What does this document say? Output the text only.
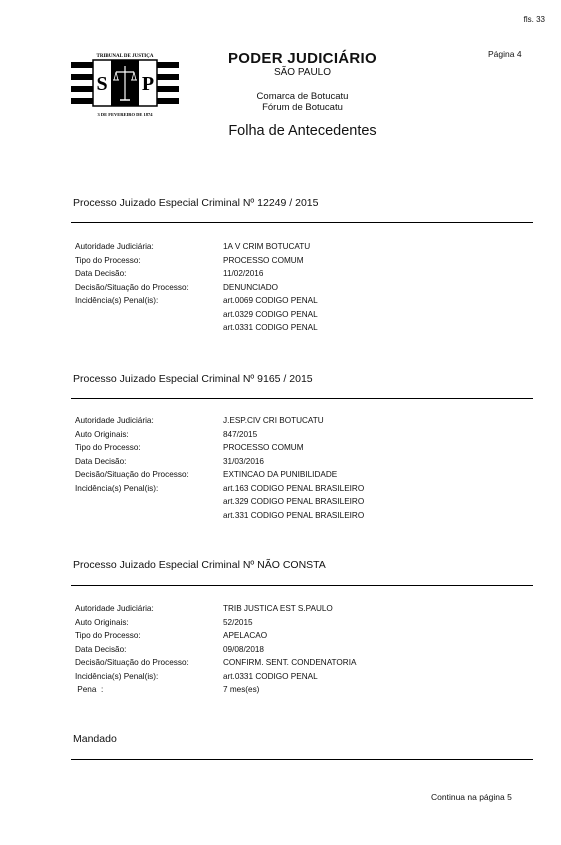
fls. 33
Página 4
S P
TRIBUNAL DE JUSTIÇA
3 DE FEVEREIRO DE 1874
PODER JUDICIÁRIO
SÃO PAULO
Comarca de Botucatu
Fórum de Botucatu
Folha de Antecedentes
Processo Juizado Especial Criminal Nº 12249 / 2015
Autoridade Judiciária:	1A V CRIM BOTUCATU
Tipo do Processo:	PROCESSO COMUM
Data Decisão:	11/02/2016
Decisão/Situação do Processo:	DENUNCIADO
Incidência(s) Penal(is):	art.0069 CODIGO PENAL
art.0329 CODIGO PENAL
art.0331 CODIGO PENAL
Processo Juizado Especial Criminal Nº 9165 / 2015
Autoridade Judiciária:	J.ESP.CIV CRI BOTUCATU
Auto Originais:	847/2015
Tipo do Processo:	PROCESSO COMUM
Data Decisão:	31/03/2016
Decisão/Situação do Processo:	EXTINCAO DA PUNIBILIDADE
Incidência(s) Penal(is):	art.163 CODIGO PENAL BRASILEIRO
art.329 CODIGO PENAL BRASILEIRO
art.331 CODIGO PENAL BRASILEIRO
Processo Juizado Especial Criminal Nº NÃO CONSTA
Autoridade Judiciária:	TRIB JUSTICA EST S.PAULO
Auto Originais:	52/2015
Tipo do Processo:	APELACAO
Data Decisão:	09/08/2018
Decisão/Situação do Processo:	CONFIRM. SENT. CONDENATORIA
Incidência(s) Penal(is):	art.0331 CODIGO PENAL
Pena  :	7 mes(es)
Mandado
Continua na página 5
